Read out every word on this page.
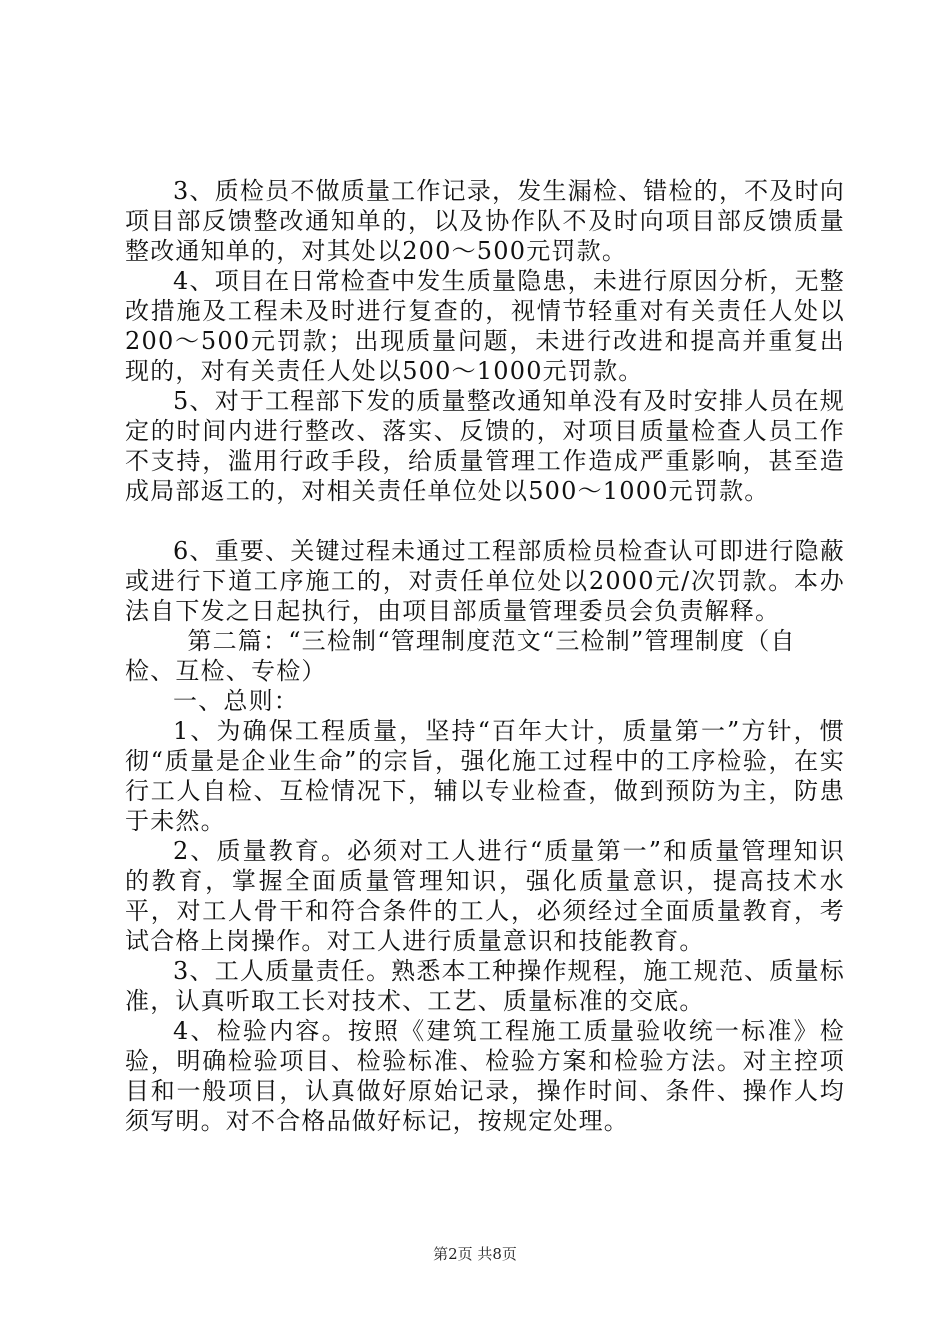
3、质检员不做质量工作记录，发生漏检、错检的，不及时向项目部反馈整改通知单的，以及协作队不及时向项目部反馈质量整改通知单的，对其处以200～500元罚款。

4、项目在日常检查中发生质量隐患，未进行原因分析，无整改措施及工程未及时进行复查的，视情节轻重对有关责任人处以200～500元罚款；出现质量问题，未进行改进和提高并重复出现的，对有关责任人处以500～1000元罚款。

5、对于工程部下发的质量整改通知单没有及时安排人员在规定的时间内进行整改、落实、反馈的，对项目质量检查人员工作不支持，滥用行政手段，给质量管理工作造成严重影响，甚至造成局部返工的，对相关责任单位处以500～1000元罚款。

6、重要、关键过程未通过工程部质检员检查认可即进行隐蔽或进行下道工序施工的，对责任单位处以2000元/次罚款。本办法自下发之日起执行，由项目部质量管理委员会负责解释。

第二篇：“三检制“管理制度范文“三检制”管理制度（自检、互检、专检）

一、总则：

1、为确保工程质量，坚持“百年大计，质量第一”方针，惯彻“质量是企业生命”的宗旨，强化施工过程中的工序检验，在实行工人自检、互检情况下，辅以专业检查，做到预防为主，防患于未然。

2、质量教育。必须对工人进行“质量第一”和质量管理知识的教育，掌握全面质量管理知识，强化质量意识，提高技术水平，对工人骨干和符合条件的工人，必须经过全面质量教育，考试合格上岗操作。对工人进行质量意识和技能教育。

3、工人质量责任。熟悉本工种操作规程，施工规范、质量标准，认真听取工长对技术、工艺、质量标准的交底。

4、检验内容。按照《建筑工程施工质量验收统一标准》检验，明确检验项目、检验标准、检验方案和检验方法。对主控项目和一般项目，认真做好原始记录，操作时间、条件、操作人均须写明。对不合格品做好标记，按规定处理。

第2页 共8页
